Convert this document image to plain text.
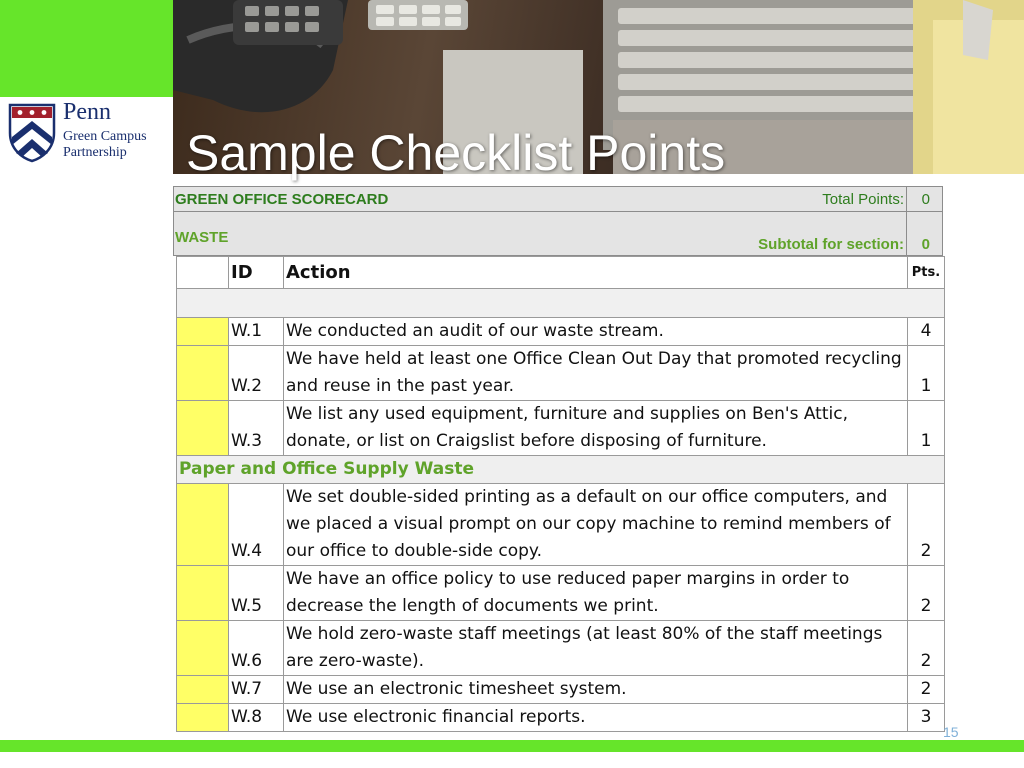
Penn
Green Campus
Partnership Sample Checklist Points
GREEN OFFICE SCORECARD	Total Points: 0
WASTE	Subtotal for section: 0
	ID	Action	Pts.

	W.1	We conducted an audit of our waste stream.	4
	W.2	We have held at least one Office Clean Out Day that promoted recycling and reuse in the past year.	1
	W.3	We list any used equipment, furniture and supplies on Ben's Attic, donate, or list on Craigslist before disposing of furniture.	1
Paper and Office Supply Waste			
	W.4	We set double-sided printing as a default on our office computers, and we placed a visual prompt on our copy machine to remind members of our office to double-side copy.	2
	W.5	We have an office policy to use reduced paper margins in order to decrease the length of documents we print.	2
	W.6	We hold zero-waste staff meetings (at least 80% of the staff meetings are zero-waste).	2
	W.7	We use an electronic timesheet system.	2
	W.8	We use electronic financial reports.	3
15
